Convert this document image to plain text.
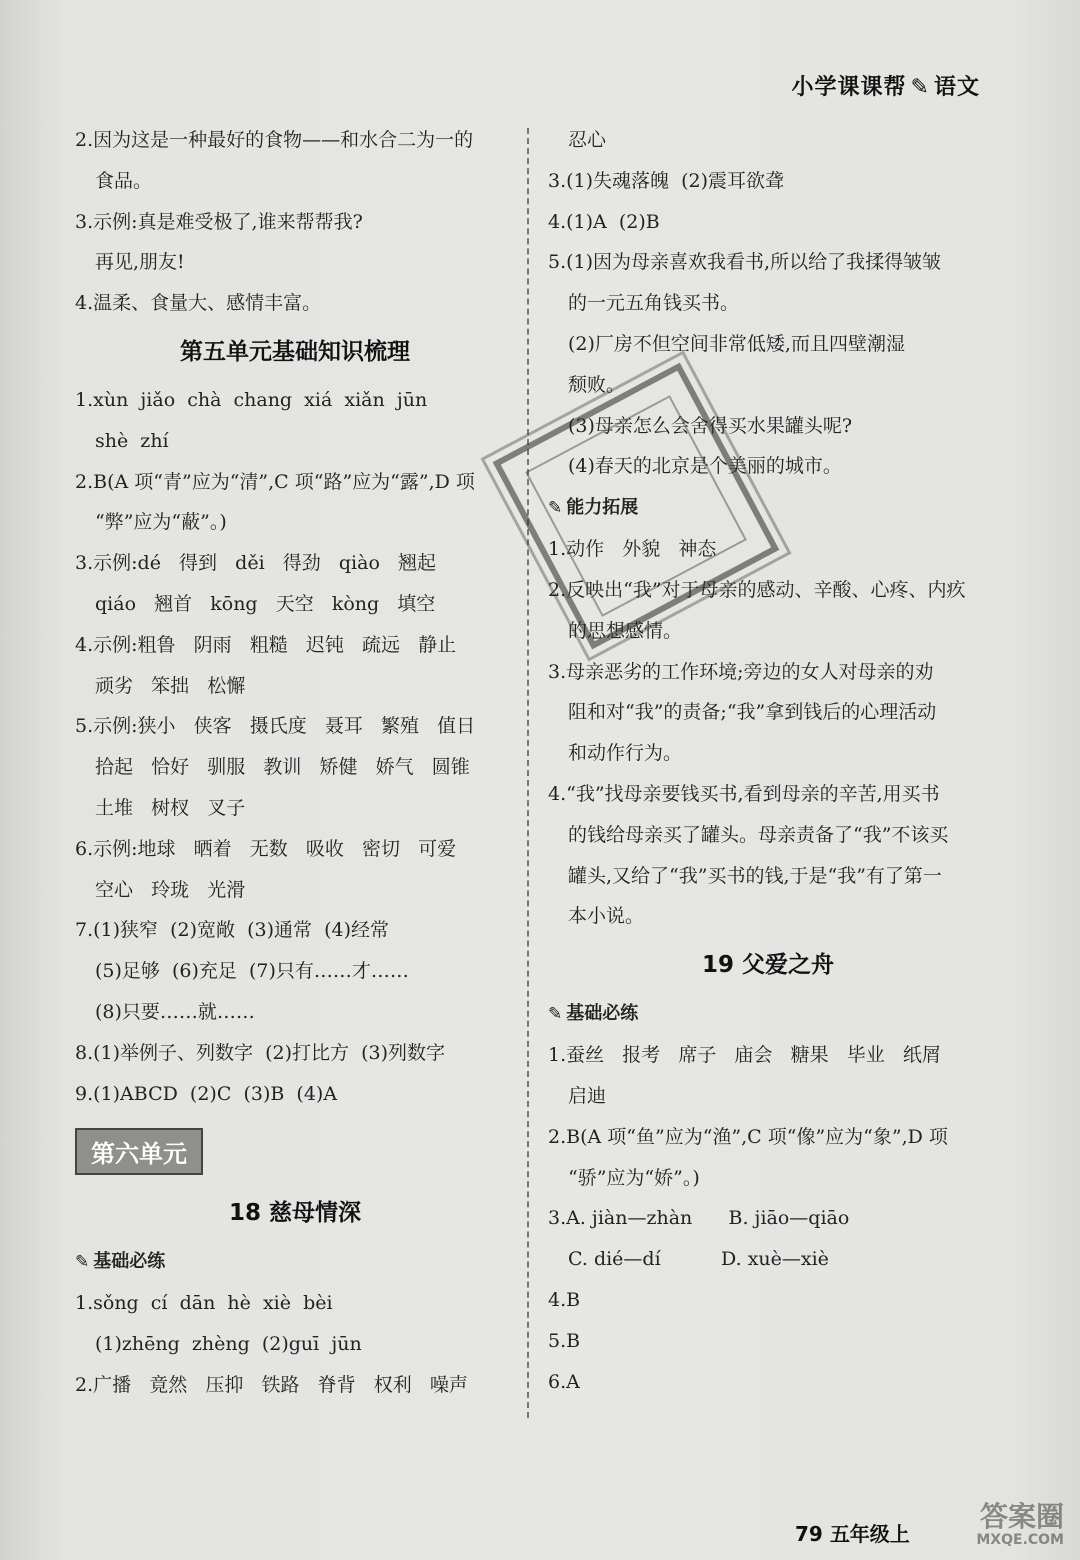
小学课课帮 ✎ 语文
2.因为这是一种最好的食物——和水合二为一的
食品。
3.示例:真是难受极了,谁来帮帮我?
再见,朋友!
4.温柔、食量大、感情丰富。
第五单元基础知识梳理
1.xùn  jiǎo  chà  chang  xiá  xiǎn  jūn
shè  zhí
2.B(A 项“青”应为“清”,C 项“路”应为“露”,D 项
“弊”应为“蔽”。)
3.示例:dé   得到   děi   得劲   qiào   翘起
qiáo   翘首   kōng   天空   kòng   填空
4.示例:粗鲁   阴雨   粗糙   迟钝   疏远   静止
顽劣   笨拙   松懈
5.示例:狭小   侠客   摄氏度   聂耳   繁殖   值日
拾起   恰好   驯服   教训   矫健   娇气   圆锥
土堆   树杈   叉子
6.示例:地球   晒着   无数   吸收   密切   可爱
空心   玲珑   光滑
7.(1)狭窄  (2)宽敞  (3)通常  (4)经常
(5)足够  (6)充足  (7)只有……才……
(8)只要……就……
8.(1)举例子、列数字  (2)打比方  (3)列数字
9.(1)ABCD  (2)C  (3)B  (4)A
第六单元
18 慈母情深
✎ 基础必练
1.sǒng  cí  dān  hè  xiè  bèi
(1)zhēng  zhèng  (2)guī  jūn
2.广播   竟然   压抑   铁路   脊背   权利   噪声
忍心
3.(1)失魂落魄  (2)震耳欲聋
4.(1)A  (2)B
5.(1)因为母亲喜欢我看书,所以给了我揉得皱皱
的一元五角钱买书。
(2)厂房不但空间非常低矮,而且四壁潮湿
颓败。
(3)母亲怎么会舍得买水果罐头呢?
(4)春天的北京是个美丽的城市。
✎ 能力拓展
1.动作   外貌   神态
2.反映出“我”对于母亲的感动、辛酸、心疼、内疚
的思想感情。
3.母亲恶劣的工作环境;旁边的女人对母亲的劝
阻和对“我”的责备;“我”拿到钱后的心理活动
和动作行为。
4.“我”找母亲要钱买书,看到母亲的辛苦,用买书
的钱给母亲买了罐头。母亲责备了“我”不该买
罐头,又给了“我”买书的钱,于是“我”有了第一
本小说。
19 父爱之舟
✎ 基础必练
1.蚕丝   报考   席子   庙会   糖果   毕业   纸屑
启迪
2.B(A 项“鱼”应为“渔”,C 项“像”应为“象”,D 项
“骄”应为“娇”。)
3.A. jiàn—zhàn      B. jiāo—qiāo
C. dié—dí          D. xuè—xiè
4.B
5.B
6.A
79 五年级上
答案圈
MXQE.COM
